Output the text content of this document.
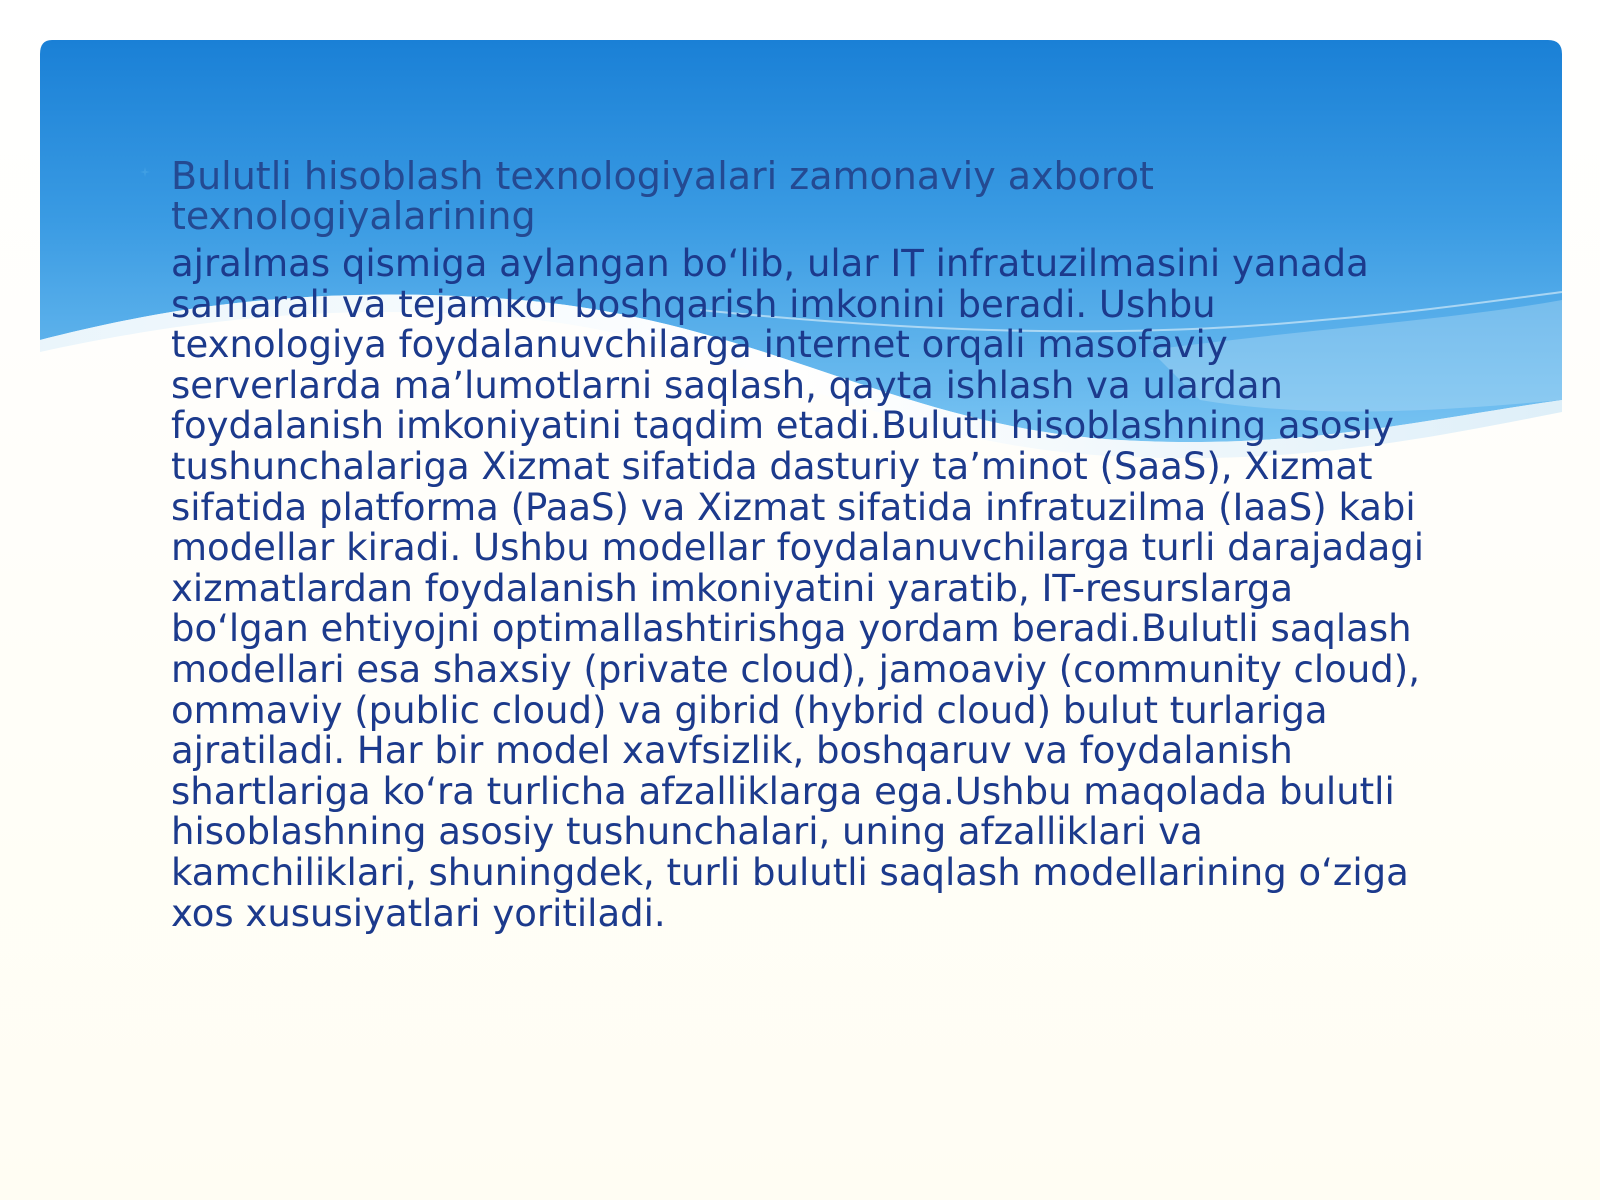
Bulutli hisoblash texnologiyalari zamonaviy axborot texnologiyalarining

ajralmas qismiga aylangan bo‘lib, ular IT infratuzilmasini yanada samarali va tejamkor boshqarish imkonini beradi. Ushbu texnologiya foydalanuvchilarga internet orqali masofaviy serverlarda ma’lumotlarni saqlash, qayta ishlash va ulardan foydalanish imkoniyatini taqdim etadi.Bulutli hisoblashning asosiy tushunchalariga Xizmat sifatida dasturiy ta’minot (SaaS), Xizmat sifatida platforma (PaaS) va Xizmat sifatida infratuzilma (IaaS) kabi modellar kiradi. Ushbu modellar foydalanuvchilarga turli darajadagi xizmatlardan foydalanish imkoniyatini yaratib, IT-resurslarga bo‘lgan ehtiyojni optimallashtirishga yordam beradi.Bulutli saqlash modellari esa shaxsiy (private cloud), jamoaviy (community cloud), ommaviy (public cloud) va gibrid (hybrid cloud) bulut turlariga ajratiladi. Har bir model xavfsizlik, boshqaruv va foydalanish shartlariga ko‘ra turlicha afzalliklarga ega.Ushbu maqolada bulutli hisoblashning asosiy tushunchalari, uning afzalliklari va kamchiliklari, shuningdek, turli bulutli saqlash modellarining o‘ziga xos xususiyatlari yoritiladi.
